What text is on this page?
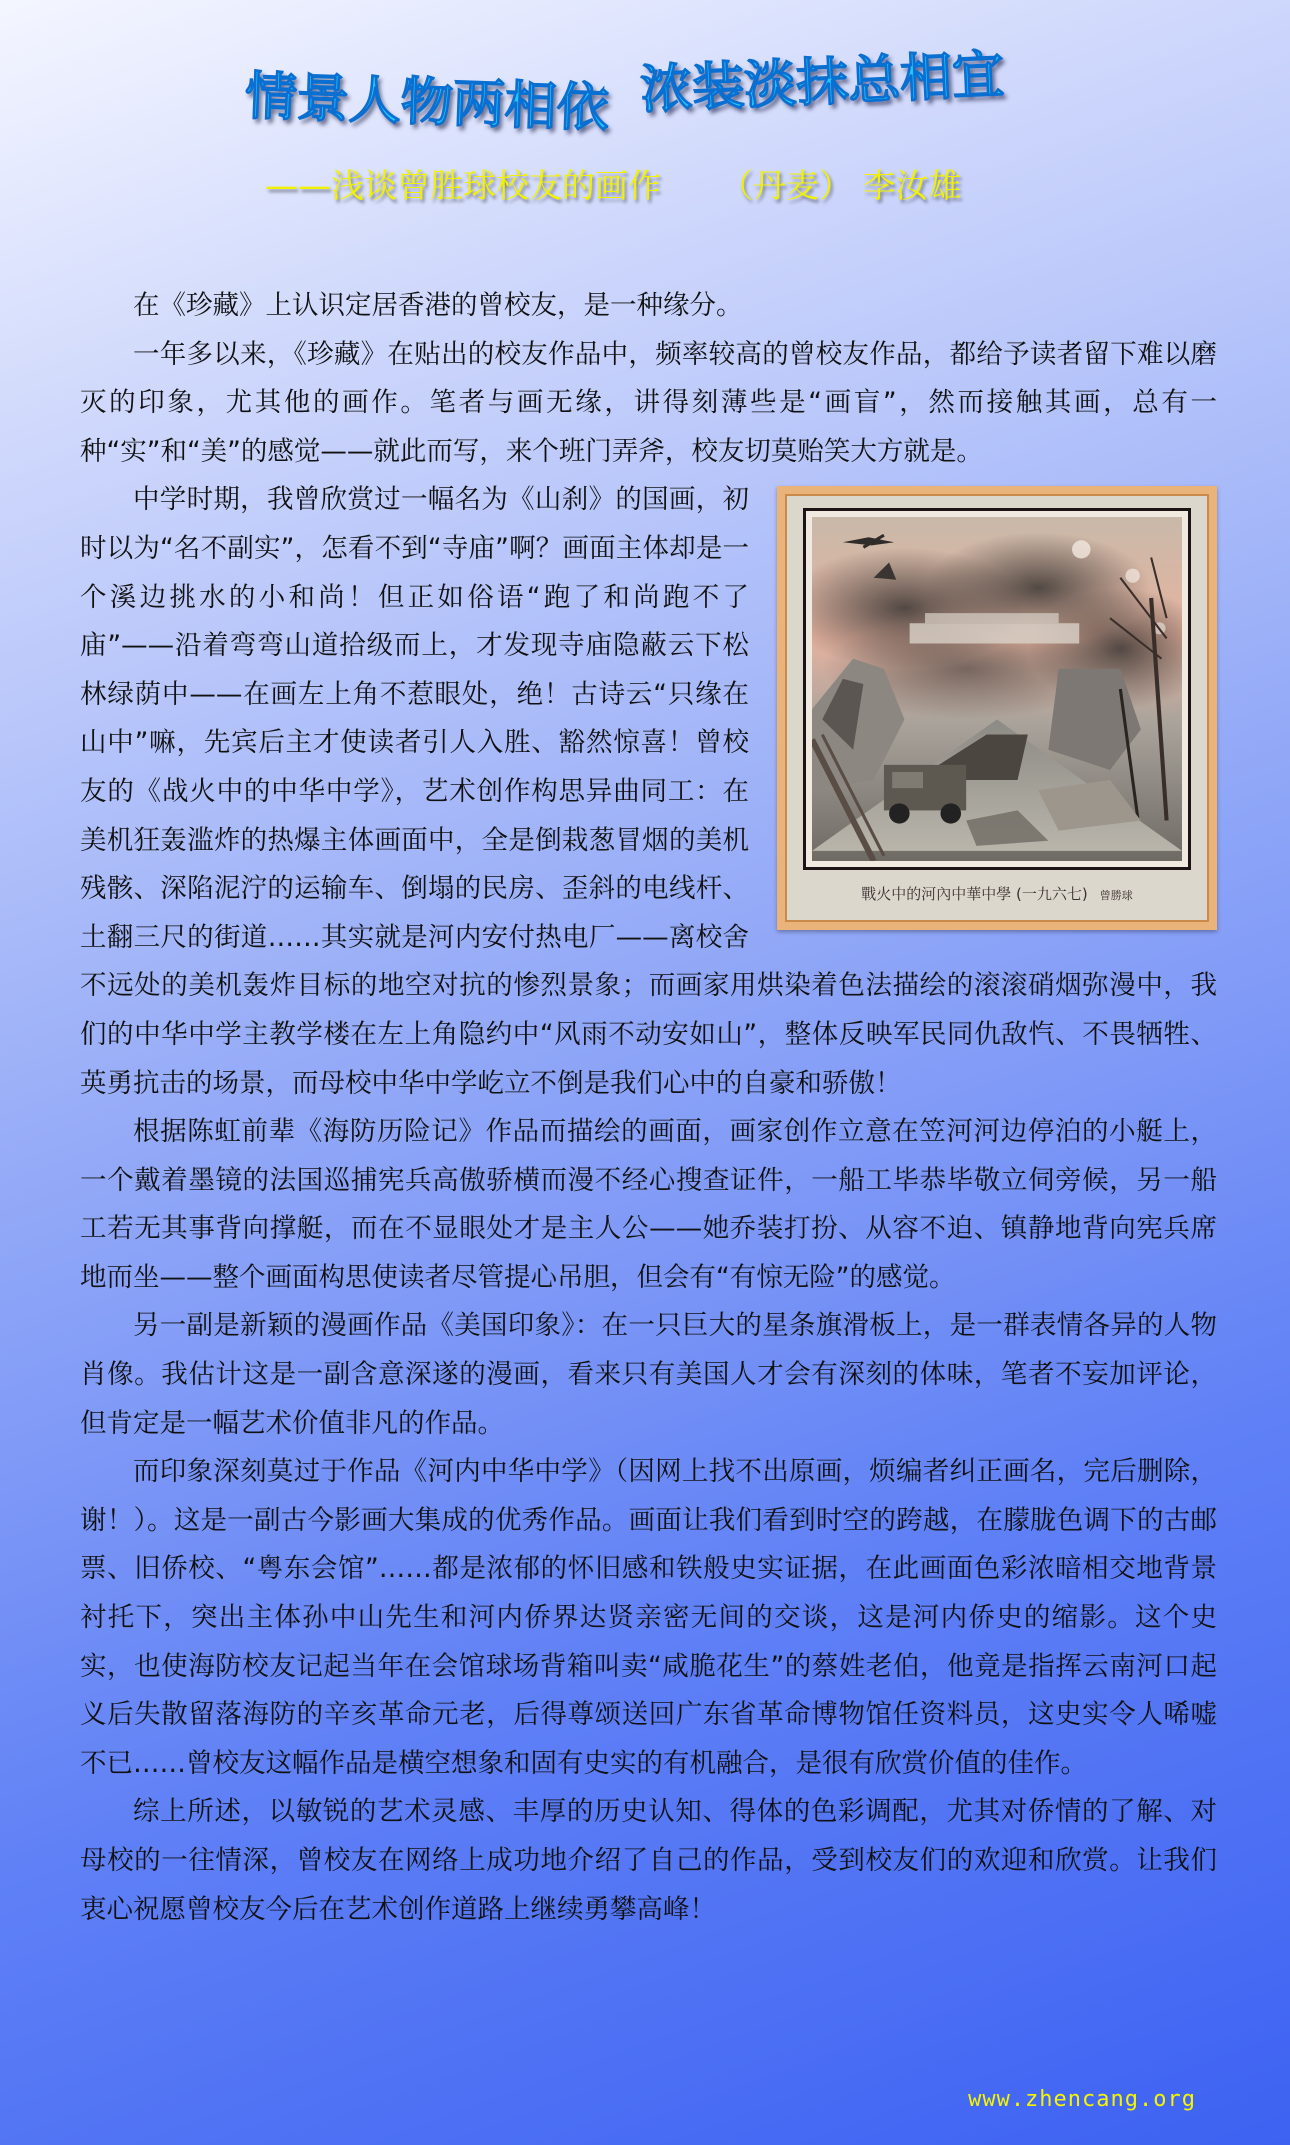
情景人物两相依 浓装淡抹总相宜
——浅谈曾胜球校友的画作 （丹麦） 李汝雄

在《珍藏》上认识定居香港的曾校友，是一种缘分。

一年多以来，《珍藏》在贴出的校友作品中，频率较高的曾校友作品，都给予读者留下难以磨灭的印象，尤其他的画作。笔者与画无缘，讲得刻薄些是“画盲”，然而接触其画，总有一种“实”和“美”的感觉——就此而写，来个班门弄斧，校友切莫贻笑大方就是。

戰火中的河內中華中學 (一九六七) 曾勝球

中学时期，我曾欣赏过一幅名为《山刹》的国画，初时以为“名不副实”，怎看不到“寺庙”啊？画面主体却是一个溪边挑水的小和尚！但正如俗语“跑了和尚跑不了庙”——沿着弯弯山道拾级而上，才发现寺庙隐蔽云下松林绿荫中——在画左上角不惹眼处，绝！古诗云“只缘在山中”嘛，先宾后主才使读者引人入胜、豁然惊喜！曾校友的《战火中的中华中学》，艺术创作构思异曲同工：在美机狂轰滥炸的热爆主体画面中，全是倒栽葱冒烟的美机残骸、深陷泥泞的运输车、倒塌的民房、歪斜的电线杆、土翻三尺的街道……其实就是河内安付热电厂——离校舍不远处的美机轰炸目标的地空对抗的惨烈景象；而画家用烘染着色法描绘的滚滚硝烟弥漫中，我们的中华中学主教学楼在左上角隐约中“风雨不动安如山”，整体反映军民同仇敌忾、不畏牺牲、英勇抗击的场景，而母校中华中学屹立不倒是我们心中的自豪和骄傲！

根据陈虹前辈《海防历险记》作品而描绘的画面，画家创作立意在笠河河边停泊的小艇上，一个戴着墨镜的法国巡捕宪兵高傲骄横而漫不经心搜查证件，一船工毕恭毕敬立伺旁候，另一船工若无其事背向撑艇，而在不显眼处才是主人公——她乔装打扮、从容不迫、镇静地背向宪兵席地而坐——整个画面构思使读者尽管提心吊胆，但会有“有惊无险”的感觉。

另一副是新颖的漫画作品《美国印象》：在一只巨大的星条旗滑板上，是一群表情各异的人物肖像。我估计这是一副含意深遂的漫画，看来只有美国人才会有深刻的体味，笔者不妄加评论，但肯定是一幅艺术价值非凡的作品。

而印象深刻莫过于作品《河内中华中学》（因网上找不出原画，烦编者纠正画名，完后删除，谢！）。这是一副古今影画大集成的优秀作品。画面让我们看到时空的跨越，在朦胧色调下的古邮票、旧侨校、“粤东会馆”……都是浓郁的怀旧感和铁般史实证据，在此画面色彩浓暗相交地背景衬托下，突出主体孙中山先生和河内侨界达贤亲密无间的交谈，这是河内侨史的缩影。这个史实，也使海防校友记起当年在会馆球场背箱叫卖“咸脆花生”的蔡姓老伯，他竟是指挥云南河口起义后失散留落海防的辛亥革命元老，后得尊颂送回广东省革命博物馆任资料员，这史实令人唏嘘不已……曾校友这幅作品是横空想象和固有史实的有机融合，是很有欣赏价值的佳作。

综上所述，以敏锐的艺术灵感、丰厚的历史认知、得体的色彩调配，尤其对侨情的了解、对母校的一往情深，曾校友在网络上成功地介绍了自己的作品，受到校友们的欢迎和欣赏。让我们衷心祝愿曾校友今后在艺术创作道路上继续勇攀高峰！

www.zhencang.org
